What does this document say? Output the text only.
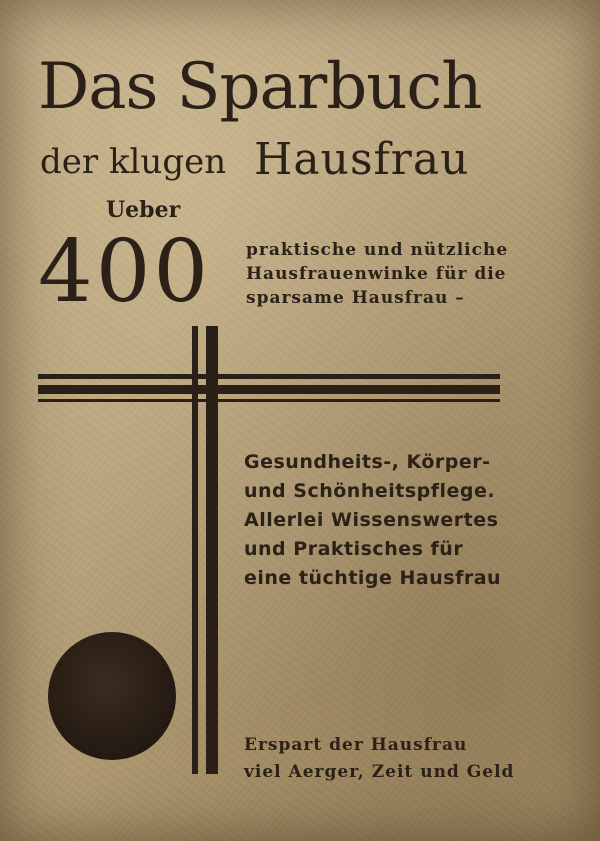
Das Sparbuch
der klugen Hausfrau
Ueber
400 praktische und nützliche
Hausfrauenwinke für die
sparsame Hausfrau –
Gesundheits-, Körper-
und Schönheitspflege.
Allerlei Wissenswertes
und Praktisches für
eine tüchtige Hausfrau
Erspart der Hausfrau
viel Aerger, Zeit und Geld
